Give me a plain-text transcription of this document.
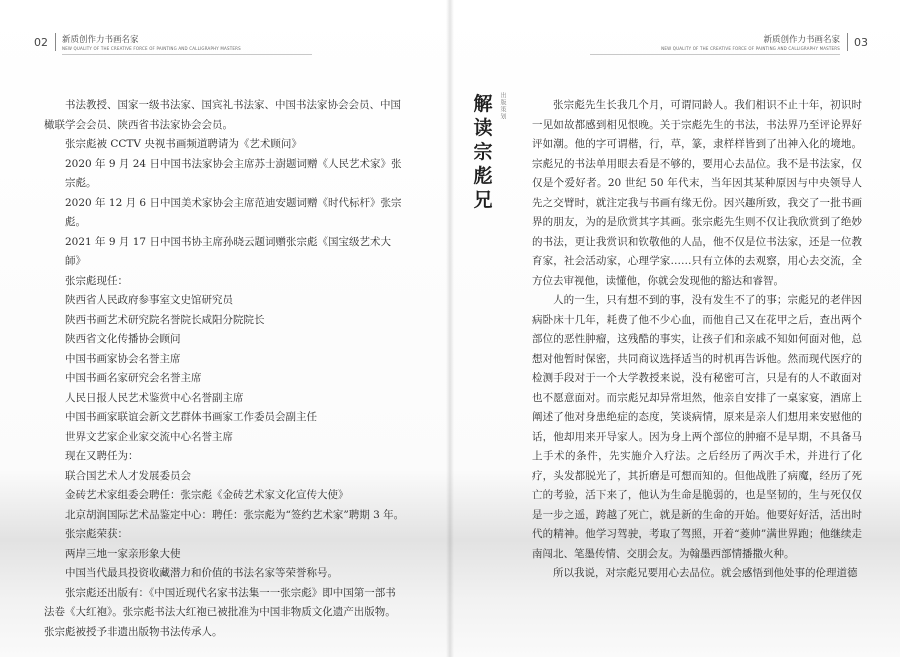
02 新质创作力书画名家
NEW QUALITY OF THE CREATIVE FORCE OF PAINTING AND CALLIGRAPHY MASTERS

书法教授、国家一级书法家、国宾礼书法家、中国书法家协会会员、中国橄联学会会员、陕西省书法家协会会员。

张宗彪被 CCTV 央视书画频道聘请为《艺术顾问》

2020 年 9 月 24 日中国书法家协会主席苏士澍题词赠《人民艺术家》张宗彪。

2020 年 12 月 6 日中国美术家协会主席范迪安题词赠《时代标杆》张宗彪。

2021 年 9 月 17 日中国书协主席孙晓云题词赠张宗彪《国宝级艺术大師》

张宗彪现任：

陕西省人民政府参事室文史馆研究员

陕西书画艺术研究院名誉院长咸阳分院院长

陕西省文化传播协会顾问

中国书画家协会名誉主席

中国书画名家研究会名誉主席

人民日报人民艺术鉴赏中心名誉副主席

中国书画家联谊会新文艺群体书画家工作委员会副主任

世界文艺家企业家交流中心名誉主席

现在又聘任为：

联合国艺术人才发展委员会

金砖艺术家组委会聘任：张宗彪《金砖艺术家文化宣传大使》

北京胡润国际艺术品鉴定中心：聘任：张宗彪为“签约艺术家”聘期 3 年。

张宗彪荣获：

两岸三地一家亲形象大使

中国当代最具投资收藏潜力和价值的书法名家等荣誉称号。

张宗彪还出版有：《中国近现代名家书法集一一张宗彪》即中国第一部书法卷《大红袍》。张宗彪书法大红袍已被批准为中国非物质文化遗产出版物。张宗彪被授予非遗出版物书法传承人。

03
新质创作力书画名家
NEW QUALITY OF THE CREATIVE FORCE OF PAINTING AND CALLIGRAPHY MASTERS
解
读
宗
彪
兄
出版策划	张宗彪先生长我几个月，可谓同龄人。我们相识不止十年，初识时一见如故都感到相见恨晚。关于宗彪先生的书法，书法界乃至评论界好评如潮。他的字可谓楷，行，草，篆，隶样样皆到了出神入化的境地。宗彪兄的书法单用眼去看是不够的，要用心去品位。我不是书法家，仅仅是个爱好者。20 世纪 50 年代末，当年因其某种原因与中央领导人先之交臂时，就注定我与书画有缘无份。因兴趣所致，我交了一批书画界的朋友，为的是欣赏其字其画。张宗彪先生则不仅让我欣赏到了绝妙的书法，更让我赏识和钦敬他的人品，他不仅是位书法家，还是一位教育家，社会活动家，心理学家……只有立体的去观察，用心去交流，全方位去审视他，读懂他，你就会发现他的豁达和睿智。

人的一生，只有想不到的事，没有发生不了的事；宗彪兄的老伴因病卧床十几年，耗费了他不少心血，而他自己又在花甲之后，查出两个部位的恶性肿瘤，这残酷的事实，让孩子们和亲戚不知如何面对他，总想对他暂时保密，共同商议选择适当的时机再告诉他。然而现代医疗的检测手段对于一个大学教授来说，没有秘密可言，只是有的人不敢面对也不愿意面对。而宗彪兄却异常坦然，他亲自安排了一桌家宴，酒席上阐述了他对身患绝症的态度，笑谈病情，原来是亲人们想用来安慰他的话，他却用来开导家人。因为身上两个部位的肿瘤不是早期，不具备马上手术的条件，先实施介入疗法。之后经历了两次手术，并进行了化疗，头发都脱光了，其折磨是可想而知的。但他战胜了病魔，经历了死亡的考验，活下来了，他认为生命是脆弱的，也是坚韧的，生与死仅仅是一步之遥，跨越了死亡，就是新的生命的开始。他要好好活，活出时代的精神。他学习驾驶，考取了驾照，开着“菱帅”满世界跑；他继续走南闯北、笔墨传情、交朋会友。为翰墨西部情播撒火种。

所以我说，对宗彪兄要用心去品位。就会感悟到他处事的伦理道德
